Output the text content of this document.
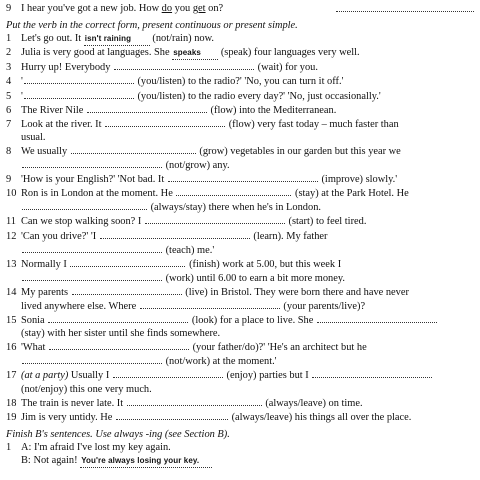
9 I hear you've got a new job. How do you get on?
Put the verb in the correct form, present continuous or present simple.
1 Let's go out. It isn't raining (not/rain) now.
2 Julia is very good at languages. She speaks (speak) four languages very well.
3 Hurry up! Everybody	(wait) for you.
4 '	(you/listen) to the radio?' 'No, you can turn it off.'
5 '	(you/listen) to the radio every day?' 'No, just occasionally.'
6 The River Nile	(flow) into the Mediterranean.
7 Look at the river. It	(flow) very fast today – much faster than
usual.
8 We usually	(grow) vegetables in our garden but this year we
(not/grow) any.
9 'How is your English?' 'Not bad. It	(improve) slowly.'
10 Ron is in London at the moment. He	(stay) at the Park Hotel. He
(always/stay) there when he's in London.
11 Can we stop walking soon? I	(start) to feel tired.
12 'Can you drive?' 'I	(learn). My father
(teach) me.'
13 Normally I	(finish) work at 5.00, but this week I
(work) until 6.00 to earn a bit more money.
14 My parents	(live) in Bristol. They were born there and have never
lived anywhere else. Where	(your parents/live)?
15 Sonia	(look) for a place to live. She
(stay) with her sister until she finds somewhere.
16 'What	(your father/do)?' 'He's an architect but he
(not/work) at the moment.'
17 (at a party) Usually I	(enjoy) parties but I
(not/enjoy) this one very much.
18 The train is never late. It	(always/leave) on time.
19 Jim is very untidy. He	(always/leave) his things all over the place.
Finish B's sentences. Use always -ing (see Section B).
1 A: I'm afraid I've lost my key again.
B: Not again! You're always losing your key.
